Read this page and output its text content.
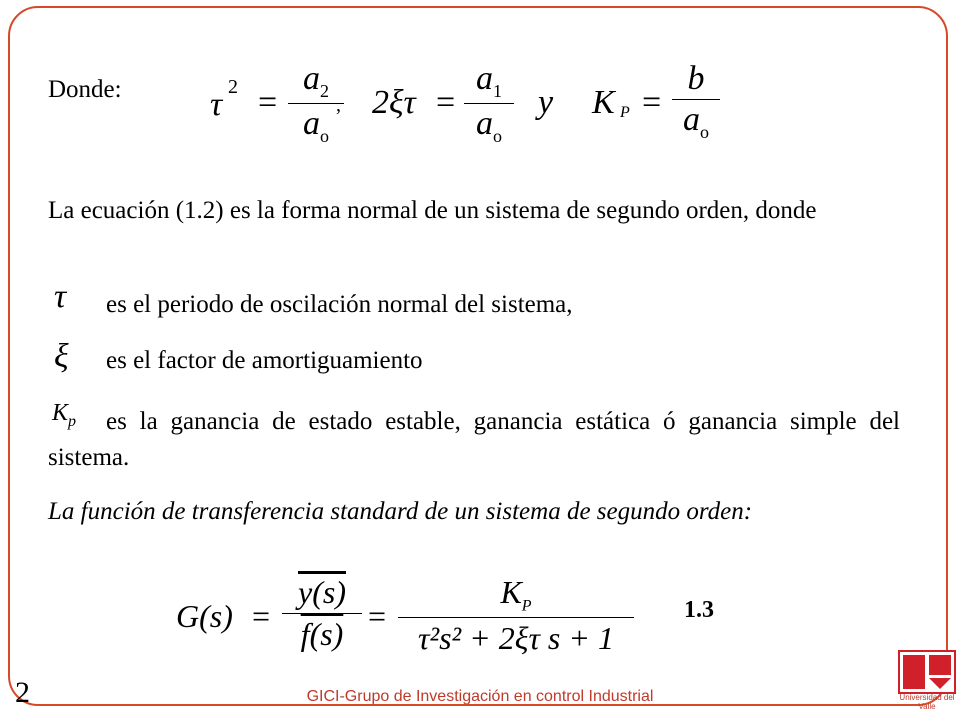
Donde:	τ 2 =
$a_2$
$a_o$
, 2ξτ =
$a_1$
$a_o$
y K P =
b
$a_o$
La ecuación (1.2) es la forma normal de un sistema de segundo orden, donde
τ es el periodo de oscilación normal del sistema,
ξ es el factor de amortiguamiento
$K_p$	es la ganancia de estado estable, ganancia estática ó ganancia simple del sistema.
La función de transferencia standard de un sistema de segundo orden:
G(s) =
y(s)
f(s) =
$K_P$
τ²s² + 2ξτ s + 1
1.3
2	GICI-Grupo de Investigación en control Industrial	Universidad del Valle
